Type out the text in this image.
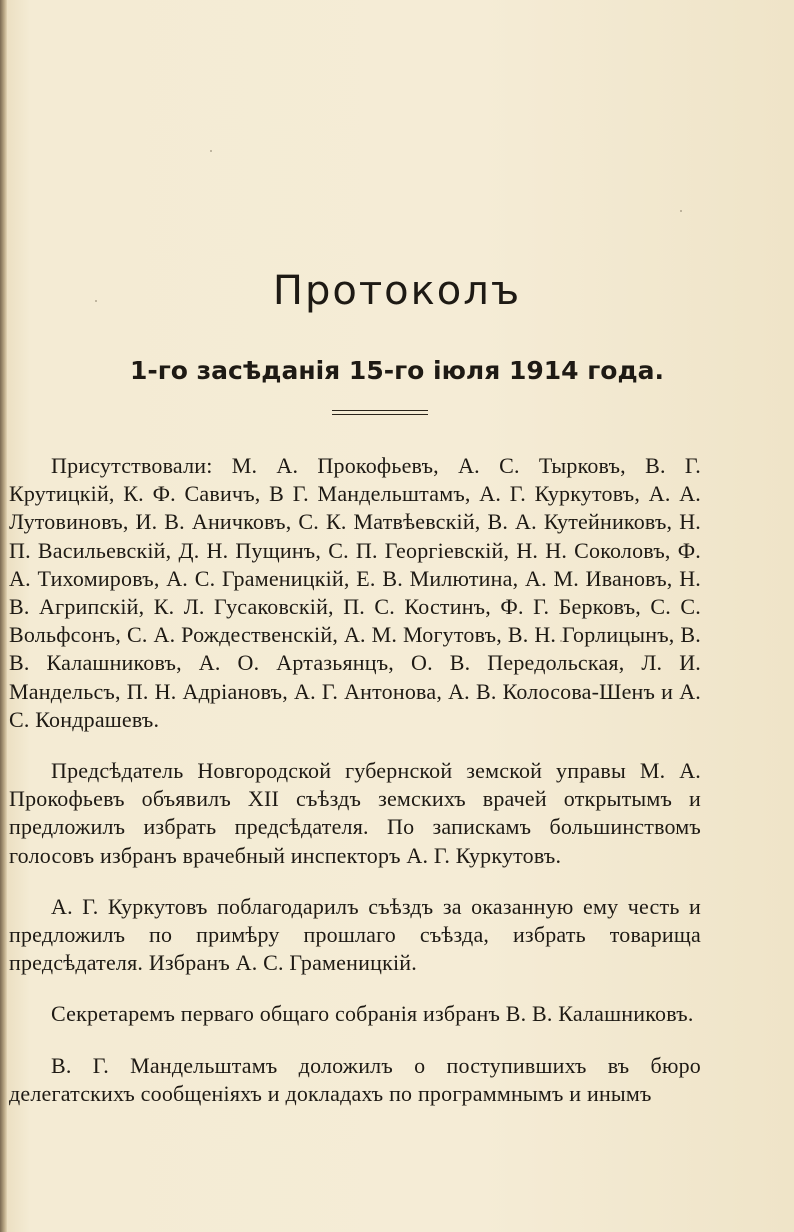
Протоколъ
1-го засѣданія 15-го іюля 1914 года.

Присутствовали: М. А. Прокофьевъ, А. С. Тырковъ, В. Г. Крутицкій, К. Ф. Савичъ, В Г. Мандельштамъ, А. Г. Куркутовъ, А. А. Лутовиновъ, И. В. Аничковъ, С. К. Матвѣевскій, В. А. Кутейниковъ, Н. П. Васильевскій, Д. Н. Пущинъ, С. П. Георгіевскій, Н. Н. Соколовъ, Ф. А. Тихомировъ, А. С. Граменицкій, Е. В. Милютина, А. М. Ивановъ, Н. В. Агрипскій, К. Л. Гусаковскій, П. С. Костинъ, Ф. Г. Берковъ, С. С. Вольфсонъ, С. А. Рождественскій, А. М. Могутовъ, В. Н. Горлицынъ, В. В. Калашниковъ, А. О. Артазьянцъ, О. В. Передольская, Л. И. Мандельсъ, П. Н. Адріановъ, А. Г. Антонова, А. В. Колосова-Шенъ и А. С. Кондрашевъ.

Предсѣдатель Новгородской губернской земской управы М. А. Прокофьевъ объявилъ XII съѣздъ земскихъ врачей открытымъ и предложилъ избрать предсѣдателя. По запискамъ большинствомъ голосовъ избранъ врачебный инспекторъ А. Г. Куркутовъ.

А. Г. Куркутовъ поблагодарилъ съѣздъ за оказанную ему честь и предложилъ по примѣру прошлаго съѣзда, избрать товарища предсѣдателя. Избранъ А. С. Граменицкій.

Секретаремъ перваго общаго собранія избранъ В. В. Калашниковъ.

В. Г. Мандельштамъ доложилъ о поступившихъ въ бюро делегатскихъ сообщеніяхъ и докладахъ по программнымъ и инымъ
